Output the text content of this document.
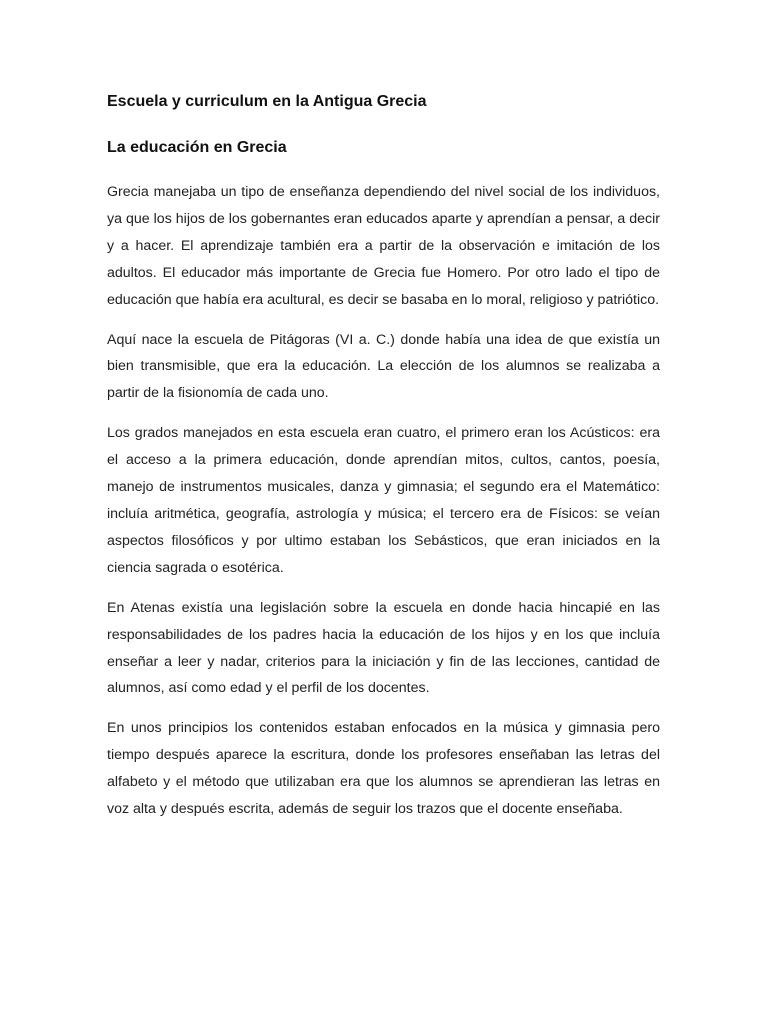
Escuela y curriculum en la Antigua Grecia
La educación en Grecia

Grecia manejaba un tipo de enseñanza dependiendo del nivel social de los individuos, ya que los hijos de los gobernantes eran educados aparte y aprendían a pensar, a decir y a hacer. El aprendizaje también era a partir de la observación e imitación de los adultos. El educador más importante de Grecia fue Homero. Por otro lado el tipo de educación que había era acultural, es decir se basaba en lo moral, religioso y patriótico.

Aquí nace la escuela de Pitágoras (VI a. C.) donde había una idea de que existía un bien transmisible, que era la educación. La elección de los alumnos se realizaba a partir de la fisionomía de cada uno.

Los grados manejados en esta escuela eran cuatro, el primero eran los Acústicos: era el acceso a la primera educación, donde aprendían mitos, cultos, cantos, poesía, manejo de instrumentos musicales, danza y gimnasia; el segundo era el Matemático: incluía aritmética, geografía, astrología y música; el tercero era de Físicos: se veían aspectos filosóficos y por ultimo estaban los Sebásticos, que eran iniciados en la ciencia sagrada o esotérica.

En Atenas existía una legislación sobre la escuela en donde hacia hincapié en las responsabilidades de los padres hacia la educación de los hijos y en los que incluía enseñar a leer y nadar, criterios para la iniciación y fin de las lecciones, cantidad de alumnos, así como edad y el perfil de los docentes.

En unos principios los contenidos estaban enfocados en la música y gimnasia pero tiempo después aparece la escritura, donde los profesores enseñaban las letras del alfabeto y el método que utilizaban era que los alumnos se aprendieran las letras en voz alta y después escrita, además de seguir los trazos que el docente enseñaba.
